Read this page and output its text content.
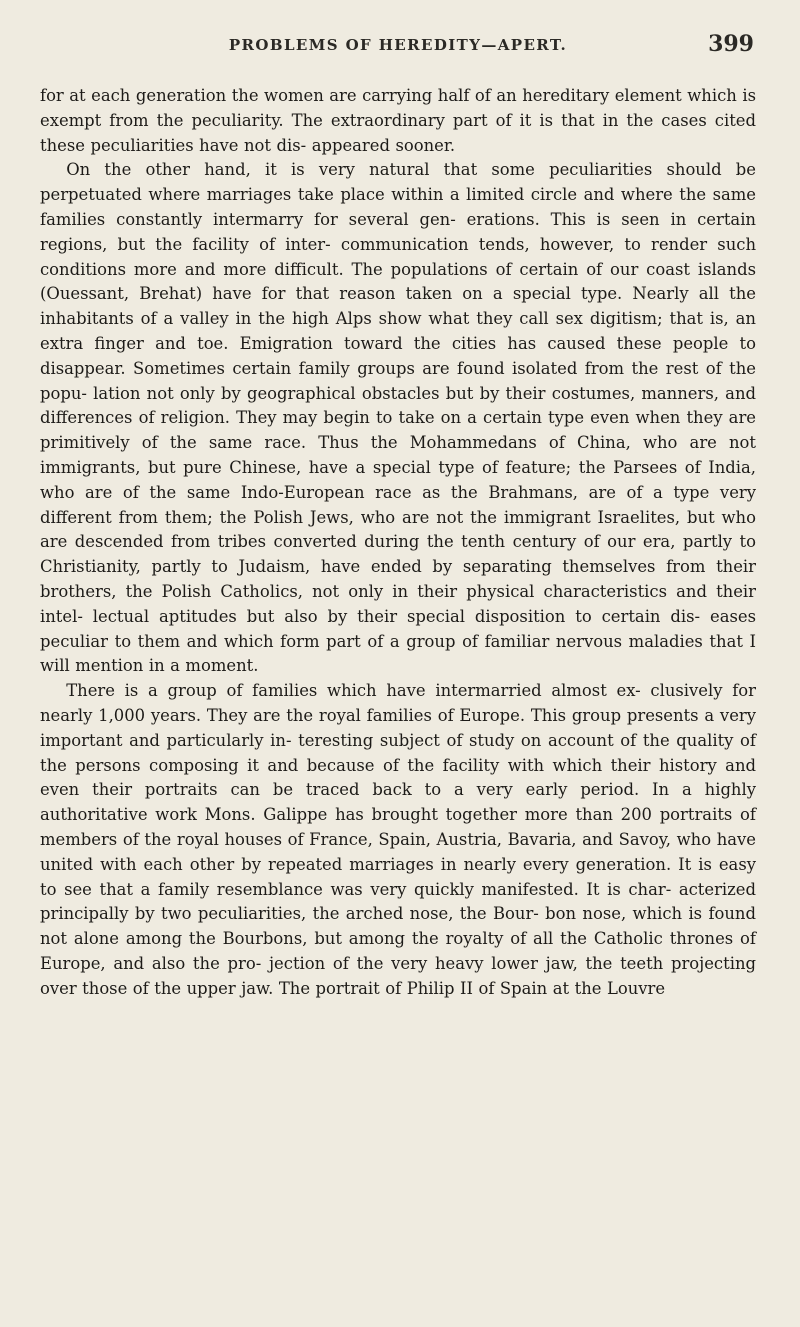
PROBLEMS OF HEREDITY—APERT.	399

for at each generation the women are carrying half of an hereditary element which is exempt from the peculiarity. The extraordinary part of it is that in the cases cited these peculiarities have not dis- appeared sooner.

On the other hand, it is very natural that some peculiarities should be perpetuated where marriages take place within a limited circle and where the same families constantly intermarry for several gen- erations. This is seen in certain regions, but the facility of inter- communication tends, however, to render such conditions more and more difficult. The populations of certain of our coast islands (Ouessant, Brehat) have for that reason taken on a special type. Nearly all the inhabitants of a valley in the high Alps show what they call sex digitism; that is, an extra finger and toe. Emigration toward the cities has caused these people to disappear. Sometimes certain family groups are found isolated from the rest of the popu- lation not only by geographical obstacles but by their costumes, manners, and differences of religion. They may begin to take on a certain type even when they are primitively of the same race. Thus the Mohammedans of China, who are not immigrants, but pure Chinese, have a special type of feature; the Parsees of India, who are of the same Indo-European race as the Brahmans, are of a type very different from them; the Polish Jews, who are not the immigrant Israelites, but who are descended from tribes converted during the tenth century of our era, partly to Christianity, partly to Judaism, have ended by separating themselves from their brothers, the Polish Catholics, not only in their physical characteristics and their intel- lectual aptitudes but also by their special disposition to certain dis- eases peculiar to them and which form part of a group of familiar nervous maladies that I will mention in a moment.

There is a group of families which have intermarried almost ex- clusively for nearly 1,000 years. They are the royal families of Europe. This group presents a very important and particularly in- teresting subject of study on account of the quality of the persons composing it and because of the facility with which their history and even their portraits can be traced back to a very early period. In a highly authoritative work Mons. Galippe has brought together more than 200 portraits of members of the royal houses of France, Spain, Austria, Bavaria, and Savoy, who have united with each other by repeated marriages in nearly every generation. It is easy to see that a family resemblance was very quickly manifested. It is char- acterized principally by two peculiarities, the arched nose, the Bour- bon nose, which is found not alone among the Bourbons, but among the royalty of all the Catholic thrones of Europe, and also the pro- jection of the very heavy lower jaw, the teeth projecting over those of the upper jaw. The portrait of Philip II of Spain at the Louvre
